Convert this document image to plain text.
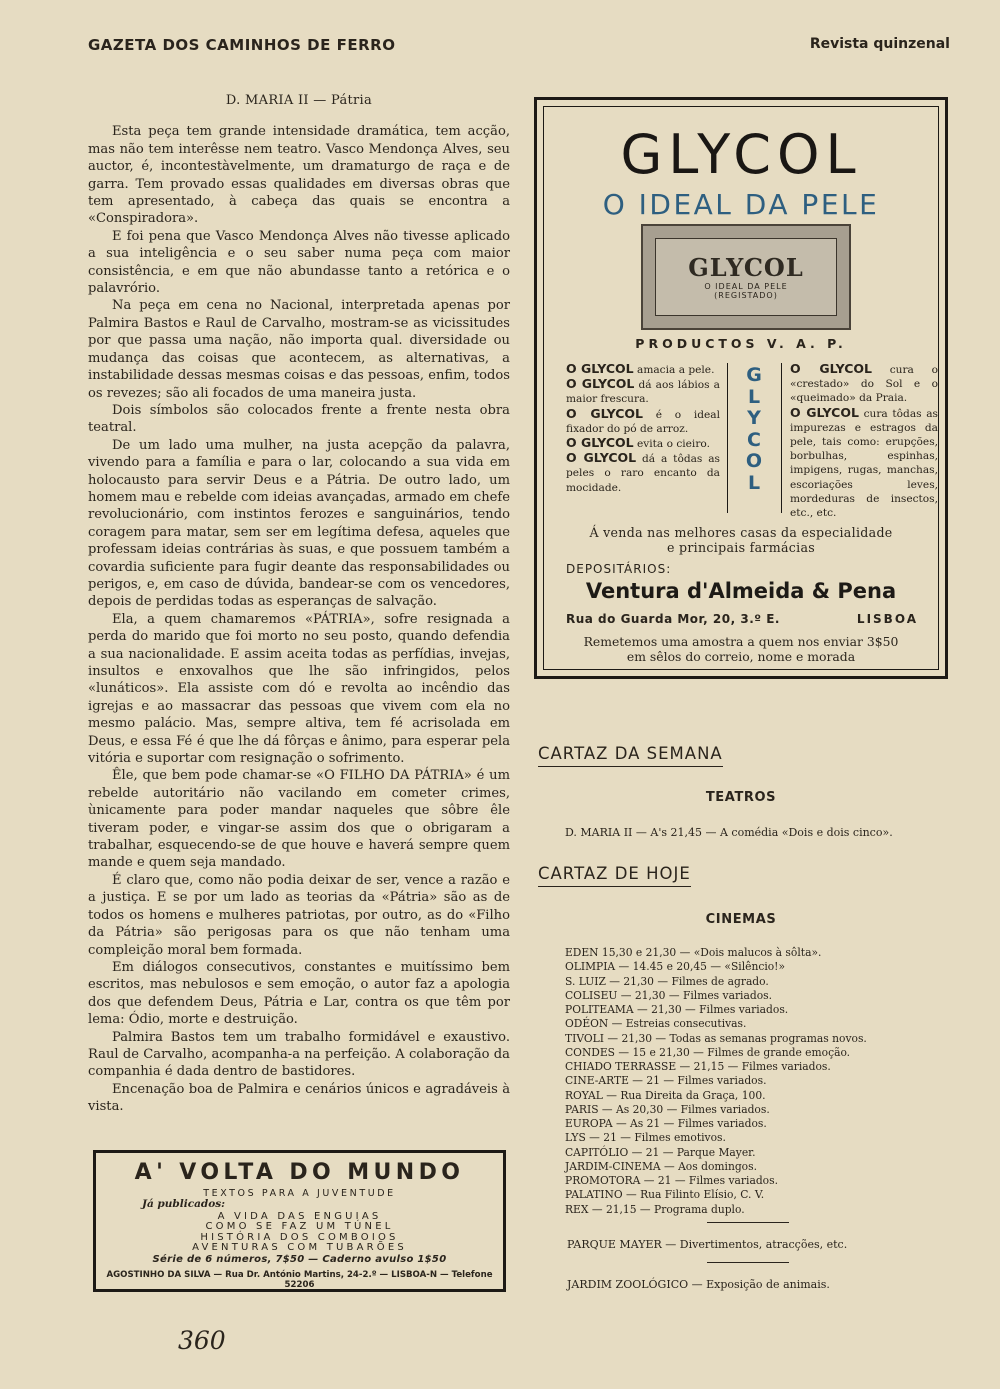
GAZETA DOS CAMINHOS DE FERRO	Revista quinzenal
D. MARIA II — Pátria

Esta peça tem grande intensidade dramática, tem acção, mas não tem interêsse nem teatro. Vasco Mendonça Alves, seu auctor, é, incontestàvelmente, um dramaturgo de raça e de garra. Tem provado essas qualidades em diversas obras que tem apresentado, à cabeça das quais se encontra a «Conspiradora».

E foi pena que Vasco Mendonça Alves não tivesse aplicado a sua inteligência e o seu saber numa peça com maior consistência, e em que não abundasse tanto a retórica e o palavrório.

Na peça em cena no Nacional, interpretada apenas por Palmira Bastos e Raul de Carvalho, mostram-se as vicissitudes por que passa uma nação, não importa qual. diversidade ou mudança das coisas que acontecem, as alternativas, a instabilidade dessas mesmas coisas e das pessoas, enfim, todos os revezes; são ali focados de uma maneira justa.

Dois símbolos são colocados frente a frente nesta obra teatral.

De um lado uma mulher, na justa acepção da palavra, vivendo para a família e para o lar, colocando a sua vida em holocausto para servir Deus e a Pátria. De outro lado, um homem mau e rebelde com ideias avançadas, armado em chefe revolucionário, com instintos ferozes e sanguinários, tendo coragem para matar, sem ser em legítima defesa, aqueles que professam ideias contrárias às suas, e que possuem também a covardia suficiente para fugir deante das responsabilidades ou perigos, e, em caso de dúvida, bandear-se com os vencedores, depois de perdidas todas as esperanças de salvação.

Ela, a quem chamaremos «PÁTRIA», sofre resignada a perda do marido que foi morto no seu posto, quando defendia a sua nacionalidade. E assim aceita todas as perfídias, invejas, insultos e enxovalhos que lhe são infringidos, pelos «lunáticos». Ela assiste com dó e revolta ao incêndio das igrejas e ao massacrar das pessoas que vivem com ela no mesmo palácio. Mas, sempre altiva, tem fé acrisolada em Deus, e essa Fé é que lhe dá fôrças e ânimo, para esperar pela vitória e suportar com resignação o sofrimento.

Êle, que bem pode chamar-se «O FILHO DA PÁTRIA» é um rebelde autoritário não vacilando em cometer crimes, ùnicamente para poder mandar naqueles que sôbre êle tiveram poder, e vingar-se assim dos que o obrigaram a trabalhar, esquecendo-se de que houve e haverá sempre quem mande e quem seja mandado.

É claro que, como não podia deixar de ser, vence a razão e a justiça. E se por um lado as teorias da «Pátria» são as de todos os homens e mulheres patriotas, por outro, as do «Filho da Pátria» são perigosas para os que não tenham uma compleição moral bem formada.

Em diálogos consecutivos, constantes e muitíssimo bem escritos, mas nebulosos e sem emoção, o autor faz a apologia dos que defendem Deus, Pátria e Lar, contra os que têm por lema: Ódio, morte e destruição.

Palmira Bastos tem um trabalho formidável e exaustivo. Raul de Carvalho, acompanha-a na perfeição. A colaboração da companhia é dada dentro de bastidores.

Encenação boa de Palmira e cenários únicos e agradáveis à vista.

GLYCOL
O IDEAL DA PELE
GLYCOL
O IDEAL DA PELE
(REGISTADO)
PRODUCTOS V. A. P.

O GLYCOL amacia a pele.

O GLYCOL dá aos lábios a maior frescura.

O GLYCOL é o ideal fixador do pó de arroz.

O GLYCOL evita o cieiro.

O GLYCOL dá a tôdas as peles o raro encanto da mocidade.

G
L
Y
C
O
L

O GLYCOL cura o «crestado» do Sol e o «queimado» da Praia.

O GLYCOL cura tôdas as impurezas e estragos da pele, tais como: erupções, borbulhas, espinhas, impigens, rugas, manchas, escoriações leves, mordeduras de insectos, etc., etc.

Á venda nas melhores casas da especialidade
e principais farmácias
DEPOSITÁRIOS:
Ventura d'Almeida & Pena
Rua do Guarda Mor, 20, 3.º E.	LISBOA
Remetemos uma amostra a quem nos enviar 3$50
em sêlos do correio, nome e morada
CARTAZ DA SEMANA
TEATROS
D. MARIA II — A's 21,45 — A comédia «Dois e dois cinco».
CARTAZ DE HOJE
CINEMAS
EDEN 15,30 e 21,30 — «Dois malucos à sôlta».
OLIMPIA — 14.45 e 20,45 — «Silêncio!»
S. LUIZ — 21,30 — Filmes de agrado.
COLISEU — 21,30 — Filmes variados.
POLITEAMA — 21,30 — Filmes variados.
ODÉON — Estreias consecutivas.
TIVOLI — 21,30 — Todas as semanas programas novos.
CONDES — 15 e 21,30 — Filmes de grande emoção.
CHIADO TERRASSE — 21,15 — Filmes variados.
CINE-ARTE — 21 — Filmes variados.
ROYAL — Rua Direita da Graça, 100.
PARIS — As 20,30 — Filmes variados.
EUROPA — As 21 — Filmes variados.
LYS — 21 — Filmes emotivos.
CAPITÓLIO — 21 — Parque Mayer.
JARDIM-CINEMA — Aos domingos.
PROMOTORA — 21 — Filmes variados.
PALATINO — Rua Filinto Elísio, C. V.
REX — 21,15 — Programa duplo.
PARQUE MAYER — Divertimentos, atracções, etc.
JARDIM ZOOLÓGICO — Exposição de animais.
A' VOLTA DO MUNDO
TEXTOS PARA A JUVENTUDE
Já publicados:
A VIDA DAS ENGUIAS
COMO SE FAZ UM TÚNEL
HISTÓRIA DOS COMBOIOS
AVENTURAS COM TUBARÕES
Série de 6 números, 7$50 — Caderno avulso 1$50
AGOSTINHO DA SILVA — Rua Dr. António Martins, 24-2.º — LISBOA-N — Telefone 52206
360
